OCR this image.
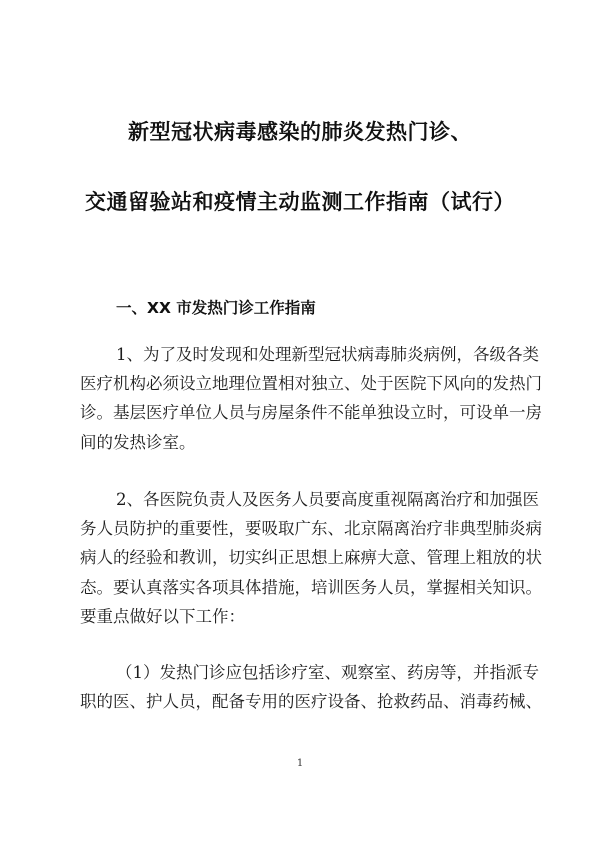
新型冠状病毒感染的肺炎发热门诊、
交通留验站和疫情主动监测工作指南（试行）
一、XX 市发热门诊工作指南

1、为了及时发现和处理新型冠状病毒肺炎病例，各级各类
医疗机构必须设立地理位置相对独立、处于医院下风向的发热门
诊。基层医疗单位人员与房屋条件不能单独设立时，可设单一房
间的发热诊室。

2、各医院负责人及医务人员要高度重视隔离治疗和加强医
务人员防护的重要性，要吸取广东、北京隔离治疗非典型肺炎病
病人的经验和教训，切实纠正思想上麻痹大意、管理上粗放的状
态。要认真落实各项具体措施，培训医务人员，掌握相关知识。
要重点做好以下工作：

（1）发热门诊应包括诊疗室、观察室、药房等，并指派专
职的医、护人员，配备专用的医疗设备、抢救药品、消毒药械、

1
